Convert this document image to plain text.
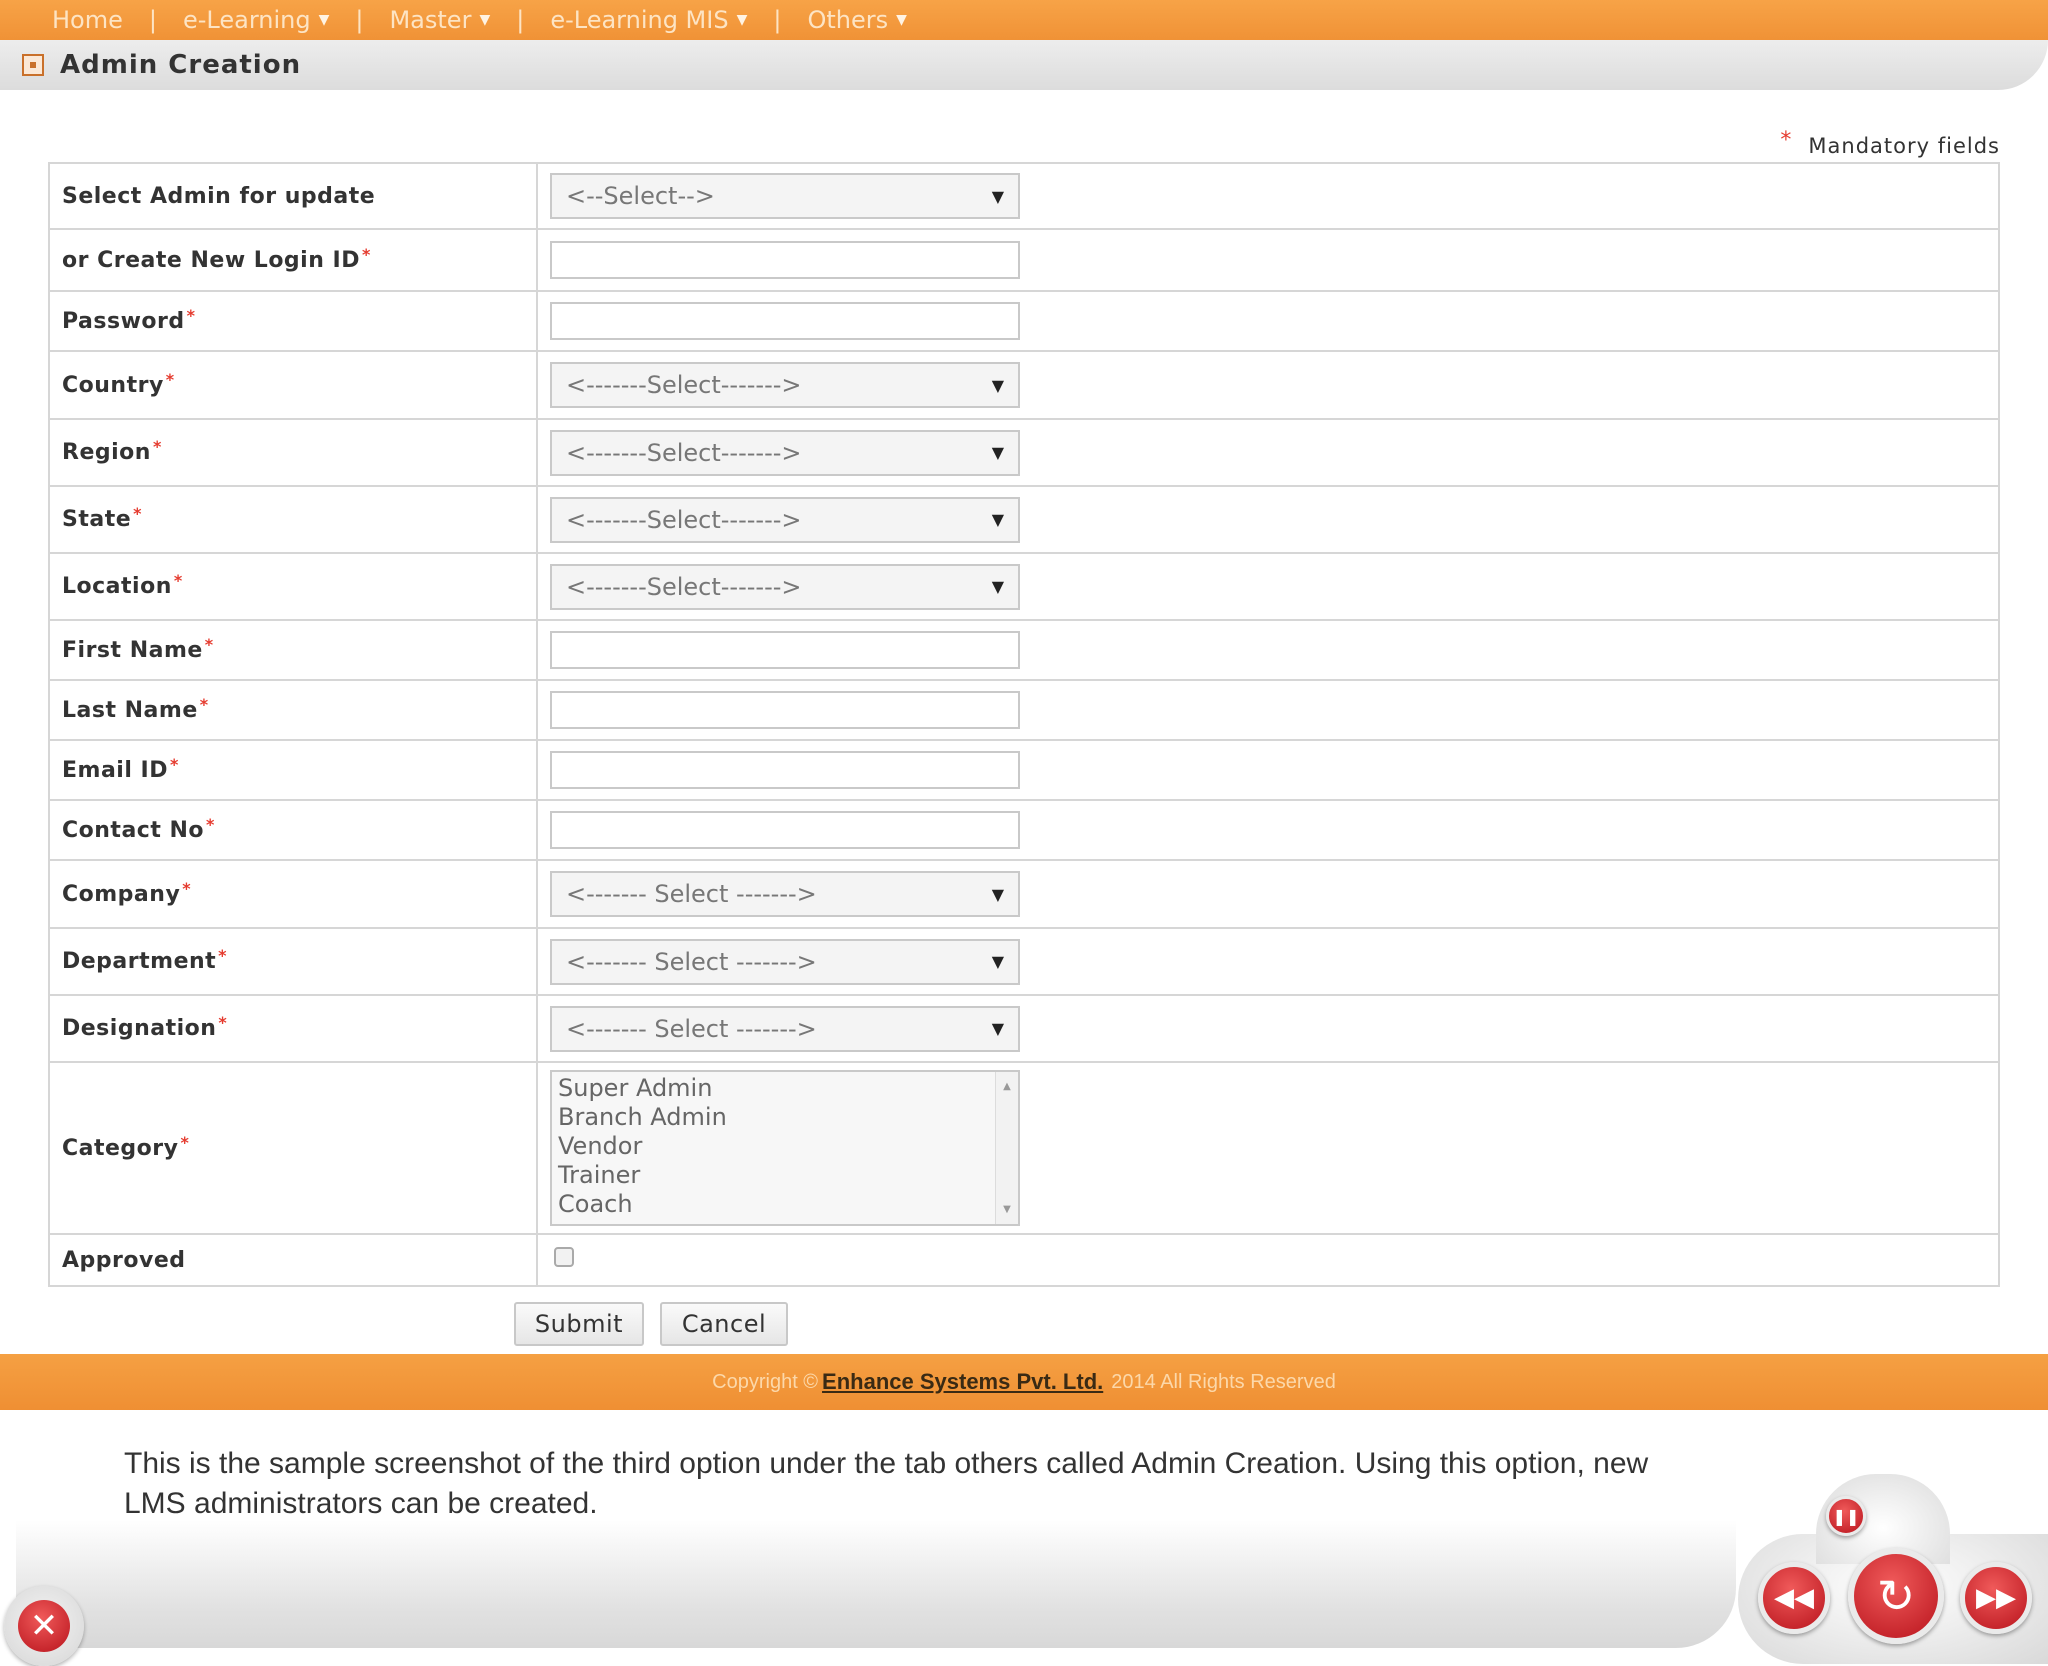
Home | e-Learning ▼ | Master ▼ | e-Learning MIS ▼ | Others ▼
Admin Creation
* Mandatory fields
Select Admin for update	<--Select-->	▼
or Create New Login ID *
Password *
Country *	<-------Select------->	▼
Region *	<-------Select------->	▼
State *	<-------Select------->	▼
Location *	<-------Select------->	▼
First Name *
Last Name *
Email ID *
Contact No *
Company *	<------- Select ------->	▼
Department *	<------- Select ------->	▼
Designation *	<------- Select ------->	▼
Category *
Super Admin
Branch Admin
Vendor
Trainer
Coach
▲
▼
Approved
Submit	Cancel
Copyright © Enhance Systems Pvt. Ltd. 2014 All Rights Reserved
This is the sample screenshot of the third option under the tab others called Admin Creation. Using this option, new LMS administrators can be created.
✕
❚❚
◀◀ ↻ ▶▶
